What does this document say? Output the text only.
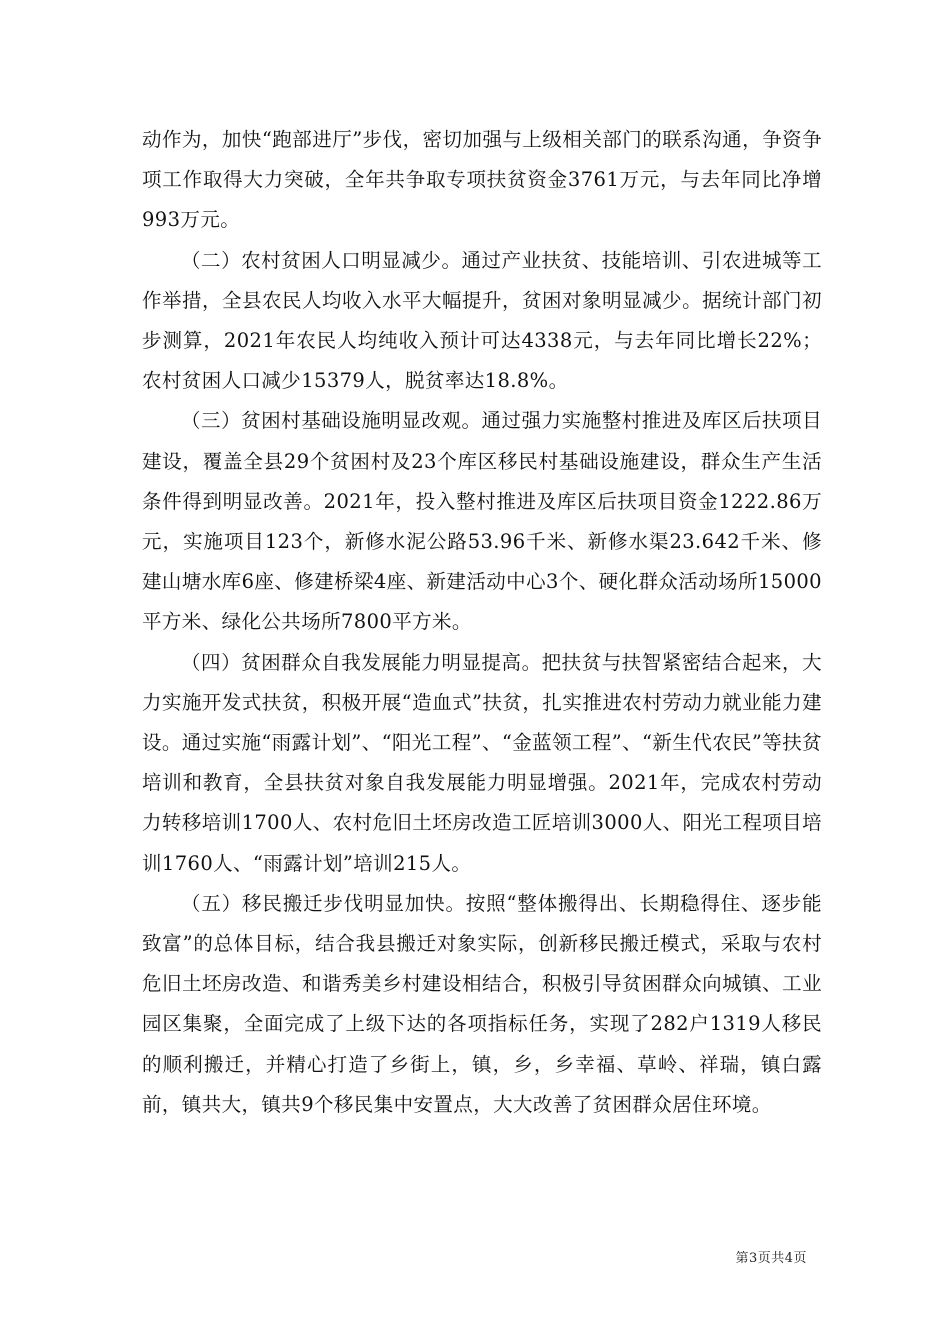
动作为，加快“跑部进厅”步伐，密切加强与上级相关部门的联系沟通，争资争项工作取得大力突破，全年共争取专项扶贫资金3761万元，与去年同比净增993万元。

（二）农村贫困人口明显减少。通过产业扶贫、技能培训、引农进城等工作举措，全县农民人均收入水平大幅提升，贫困对象明显减少。据统计部门初步测算，2021年农民人均纯收入预计可达4338元，与去年同比增长22%；农村贫困人口减少15379人，脱贫率达18.8%。

（三）贫困村基础设施明显改观。通过强力实施整村推进及库区后扶项目建设，覆盖全县29个贫困村及23个库区移民村基础设施建设，群众生产生活条件得到明显改善。2021年，投入整村推进及库区后扶项目资金1222.86万元，实施项目123个，新修水泥公路53.96千米、新修水渠23.642千米、修建山塘水库6座、修建桥梁4座、新建活动中心3个、硬化群众活动场所15000平方米、绿化公共场所7800平方米。

（四）贫困群众自我发展能力明显提高。把扶贫与扶智紧密结合起来，大力实施开发式扶贫，积极开展“造血式”扶贫，扎实推进农村劳动力就业能力建设。通过实施“雨露计划”、“阳光工程”、“金蓝领工程”、“新生代农民”等扶贫培训和教育，全县扶贫对象自我发展能力明显增强。2021年，完成农村劳动力转移培训1700人、农村危旧土坯房改造工匠培训3000人、阳光工程项目培训1760人、“雨露计划”培训215人。

（五）移民搬迁步伐明显加快。按照“整体搬得出、长期稳得住、逐步能致富”的总体目标，结合我县搬迁对象实际，创新移民搬迁模式，采取与农村危旧土坯房改造、和谐秀美乡村建设相结合，积极引导贫困群众向城镇、工业园区集聚，全面完成了上级下达的各项指标任务，实现了282户1319人移民的顺利搬迁，并精心打造了乡街上，镇，乡，乡幸福、草岭、祥瑞，镇白露前，镇共大，镇共9个移民集中安置点，大大改善了贫困群众居住环境。

第3页共4页
